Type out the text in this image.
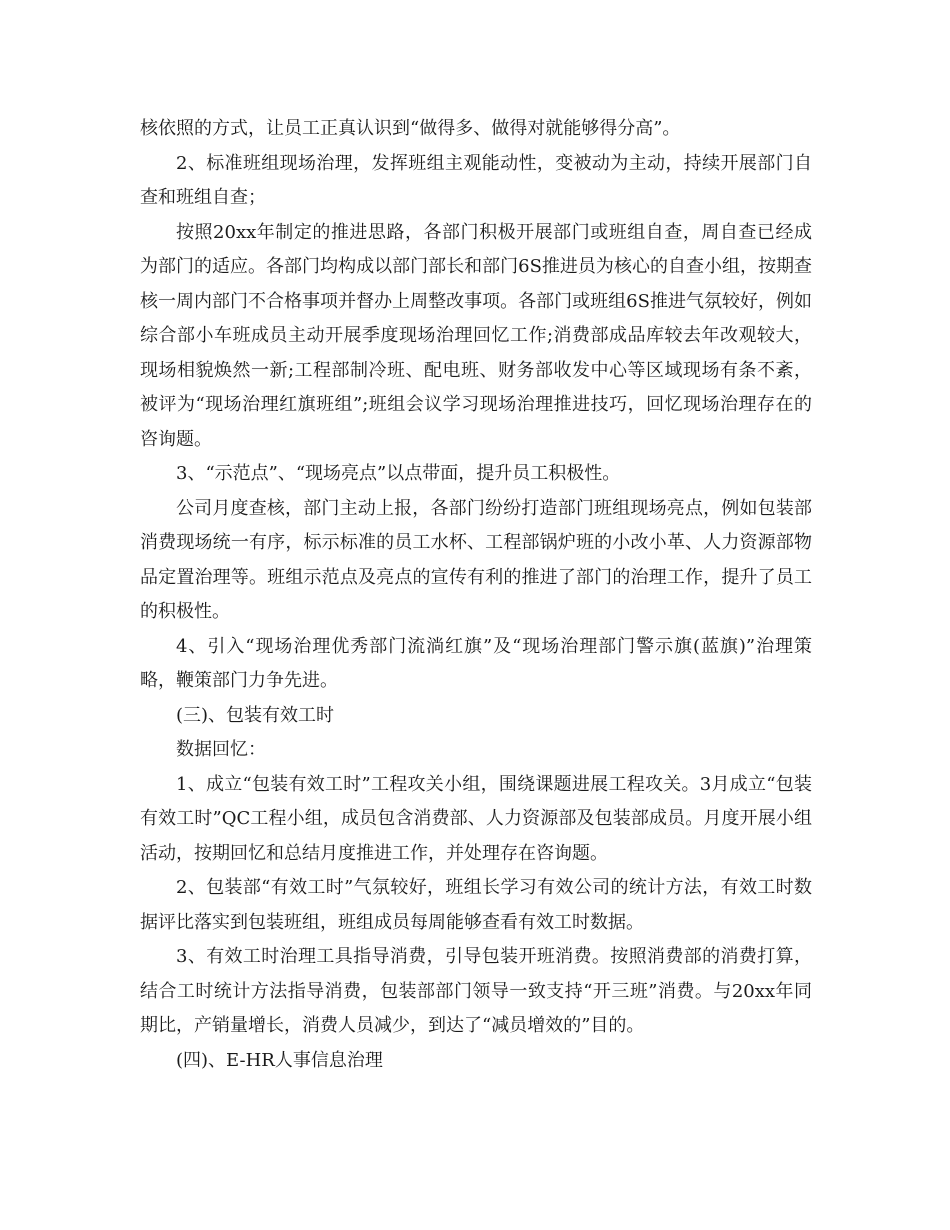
核依照的方式，让员工正真认识到“做得多、做得对就能够得分高”。

2、标准班组现场治理，发挥班组主观能动性，变被动为主动，持续开展部门自查和班组自查；

按照20xx年制定的推进思路，各部门积极开展部门或班组自查，周自查已经成为部门的适应。各部门均构成以部门部长和部门6S推进员为核心的自查小组，按期查核一周内部门不合格事项并督办上周整改事项。各部门或班组6S推进气氛较好，例如综合部小车班成员主动开展季度现场治理回忆工作;消费部成品库较去年改观较大，现场相貌焕然一新;工程部制冷班、配电班、财务部收发中心等区域现场有条不紊，被评为“现场治理红旗班组”;班组会议学习现场治理推进技巧，回忆现场治理存在的咨询题。

3、“示范点”、“现场亮点”以点带面，提升员工积极性。

公司月度查核，部门主动上报，各部门纷纷打造部门班组现场亮点，例如包装部消费现场统一有序，标示标准的员工水杯、工程部锅炉班的小改小革、人力资源部物品定置治理等。班组示范点及亮点的宣传有利的推进了部门的治理工作，提升了员工的积极性。

4、引入“现场治理优秀部门流淌红旗”及“现场治理部门警示旗(蓝旗)”治理策略，鞭策部门力争先进。

(三)、包装有效工时

数据回忆：

1、成立“包装有效工时”工程攻关小组，围绕课题进展工程攻关。3月成立“包装有效工时”QC工程小组，成员包含消费部、人力资源部及包装部成员。月度开展小组活动，按期回忆和总结月度推进工作，并处理存在咨询题。

2、包装部“有效工时”气氛较好，班组长学习有效公司的统计方法，有效工时数据评比落实到包装班组，班组成员每周能够查看有效工时数据。

3、有效工时治理工具指导消费，引导包装开班消费。按照消费部的消费打算，结合工时统计方法指导消费，包装部部门领导一致支持“开三班”消费。与20xx年同期比，产销量增长，消费人员减少，到达了“减员增效的”目的。

(四)、E-HR人事信息治理
